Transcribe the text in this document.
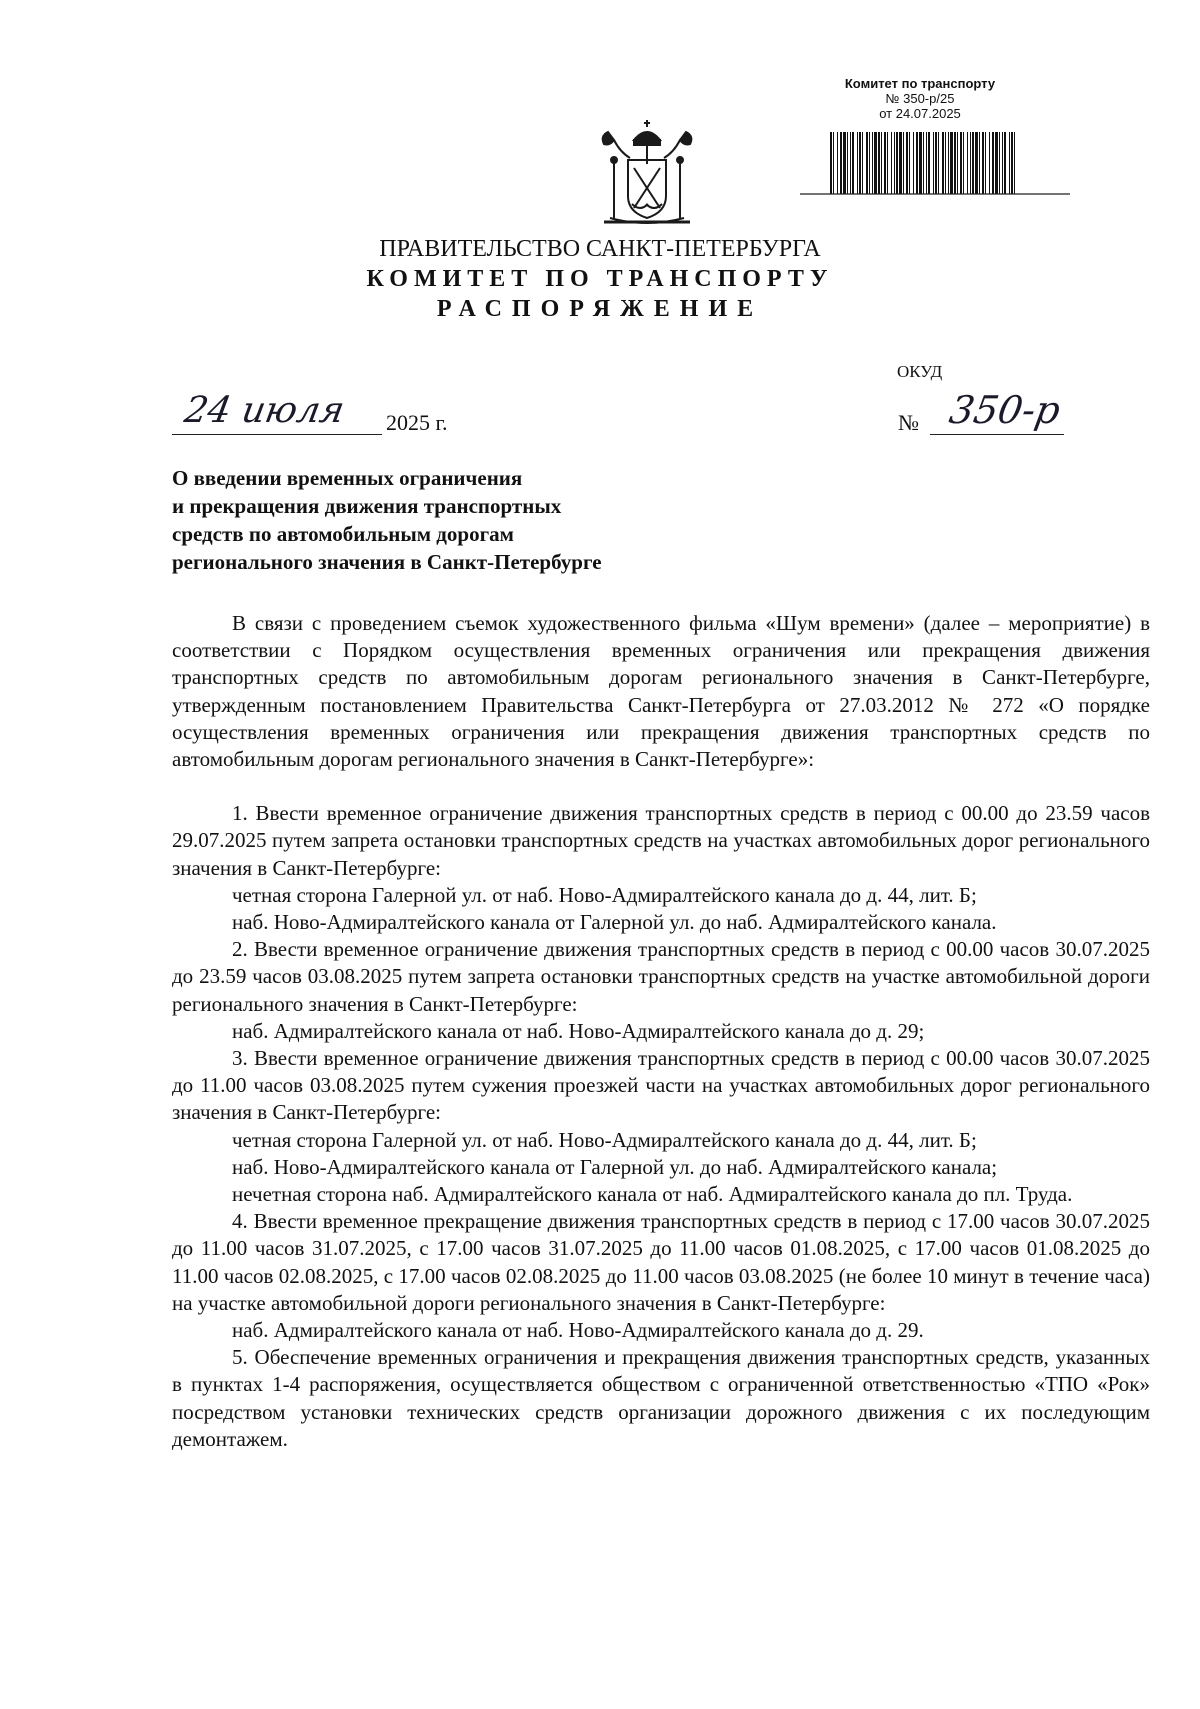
Комитет по транспорту
№ 350-р/25
от 24.07.2025
ПРАВИТЕЛЬСТВО САНКТ-ПЕТЕРБУРГА
КОМИТЕТ ПО ТРАНСПОРТУ
РАСПОРЯЖЕНИЕ
ОКУД
24 июля 2025 г.	№ 350-р
О введении временных ограничения
и прекращения движения транспортных
средств по автомобильным дорогам
регионального значения в Санкт-Петербурге
В связи с проведением съемок художественного фильма «Шум времени» (далее – мероприятие) в соответствии с Порядком осуществления временных ограничения или прекращения движения транспортных средств по автомобильным дорогам регионального значения в Санкт-Петербурге, утвержденным постановлением Правительства Санкт-Петербурга от 27.03.2012 № 272 «О порядке осуществления временных ограничения или прекращения движения транспортных средств по автомобильным дорогам регионального значения в Санкт-Петербурге»:
1. Ввести временное ограничение движения транспортных средств в период с 00.00 до 23.59 часов 29.07.2025 путем запрета остановки транспортных средств на участках автомобильных дорог регионального значения в Санкт-Петербурге:
четная сторона Галерной ул. от наб. Ново-Адмиралтейского канала до д. 44, лит. Б;
наб. Ново-Адмиралтейского канала от Галерной ул. до наб. Адмиралтейского канала.
2. Ввести временное ограничение движения транспортных средств в период с 00.00 часов 30.07.2025 до 23.59 часов 03.08.2025 путем запрета остановки транспортных средств на участке автомобильной дороги регионального значения в Санкт-Петербурге:
наб. Адмиралтейского канала от наб. Ново-Адмиралтейского канала до д. 29;
3. Ввести временное ограничение движения транспортных средств в период с 00.00 часов 30.07.2025 до 11.00 часов 03.08.2025 путем сужения проезжей части на участках автомобильных дорог регионального значения в Санкт-Петербурге:
четная сторона Галерной ул. от наб. Ново-Адмиралтейского канала до д. 44, лит. Б;
наб. Ново-Адмиралтейского канала от Галерной ул. до наб. Адмиралтейского канала;
нечетная сторона наб. Адмиралтейского канала от наб. Адмиралтейского канала до пл. Труда.
4. Ввести временное прекращение движения транспортных средств в период с 17.00 часов 30.07.2025 до 11.00 часов 31.07.2025, с 17.00 часов 31.07.2025 до 11.00 часов 01.08.2025, с 17.00 часов 01.08.2025 до 11.00 часов 02.08.2025, с 17.00 часов 02.08.2025 до 11.00 часов 03.08.2025 (не более 10 минут в течение часа) на участке автомобильной дороги регионального значения в Санкт-Петербурге:
наб. Адмиралтейского канала от наб. Ново-Адмиралтейского канала до д. 29.
5. Обеспечение временных ограничения и прекращения движения транспортных средств, указанных в пунктах 1-4 распоряжения, осуществляется обществом с ограниченной ответственностью «ТПО «Рок» посредством установки технических средств организации дорожного движения с их последующим демонтажем.
